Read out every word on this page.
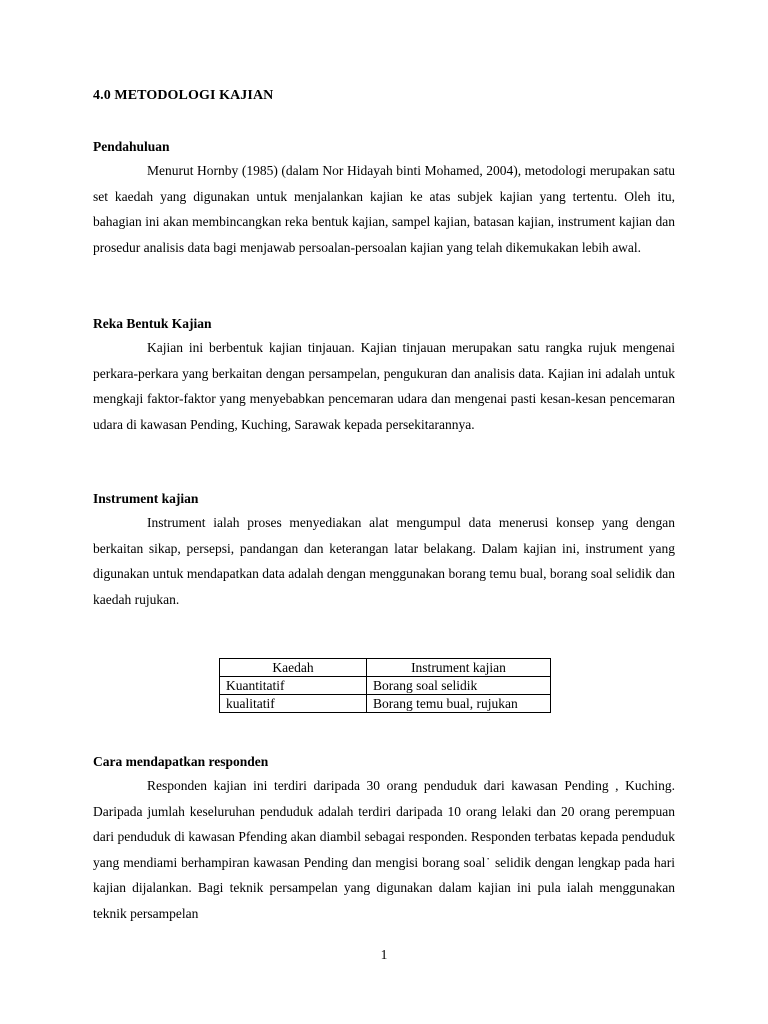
4.0 METODOLOGI KAJIAN

Pendahuluan

Menurut Hornby (1985) (dalam Nor Hidayah binti Mohamed, 2004), metodologi merupakan satu set kaedah yang digunakan untuk menjalankan kajian ke atas subjek kajian yang tertentu. Oleh itu, bahagian ini akan membincangkan reka bentuk kajian, sampel kajian, batasan kajian, instrument kajian dan prosedur analisis data bagi menjawab persoalan-persoalan kajian yang telah dikemukakan lebih awal.

Reka Bentuk Kajian

Kajian ini berbentuk kajian tinjauan. Kajian tinjauan merupakan satu rangka rujuk mengenai perkara-perkara yang berkaitan dengan persampelan, pengukuran dan analisis data. Kajian ini adalah untuk mengkaji faktor-faktor yang menyebabkan pencemaran udara dan mengenai pasti kesan-kesan pencemaran udara di kawasan Pending, Kuching, Sarawak kepada persekitarannya.

Instrument kajian

Instrument ialah proses menyediakan alat mengumpul data menerusi konsep yang dengan berkaitan sikap, persepsi, pandangan dan keterangan latar belakang. Dalam kajian ini, instrument yang digunakan untuk mendapatkan data adalah dengan menggunakan borang temu bual, borang soal selidik dan kaedah rujukan.

Kaedah	Instrument kajian
Kuantitatif	Borang soal selidik
kualitatif	Borang temu bual, rujukan

Cara mendapatkan responden

Responden kajian ini terdiri daripada 30 orang penduduk dari kawasan Pending , Kuching. Daripada jumlah keseluruhan penduduk adalah terdiri daripada 10 orang lelaki dan 20 orang perempuan dari penduduk di kawasan Pfending akan diambil sebagai responden. Responden terbatas kepada penduduk yang mendiami berhampiran kawasan Pending dan mengisi borang soal˙ selidik dengan lengkap pada hari kajian dijalankan. Bagi teknik persampelan yang digunakan dalam kajian ini pula ialah menggunakan teknik persampelan

1
